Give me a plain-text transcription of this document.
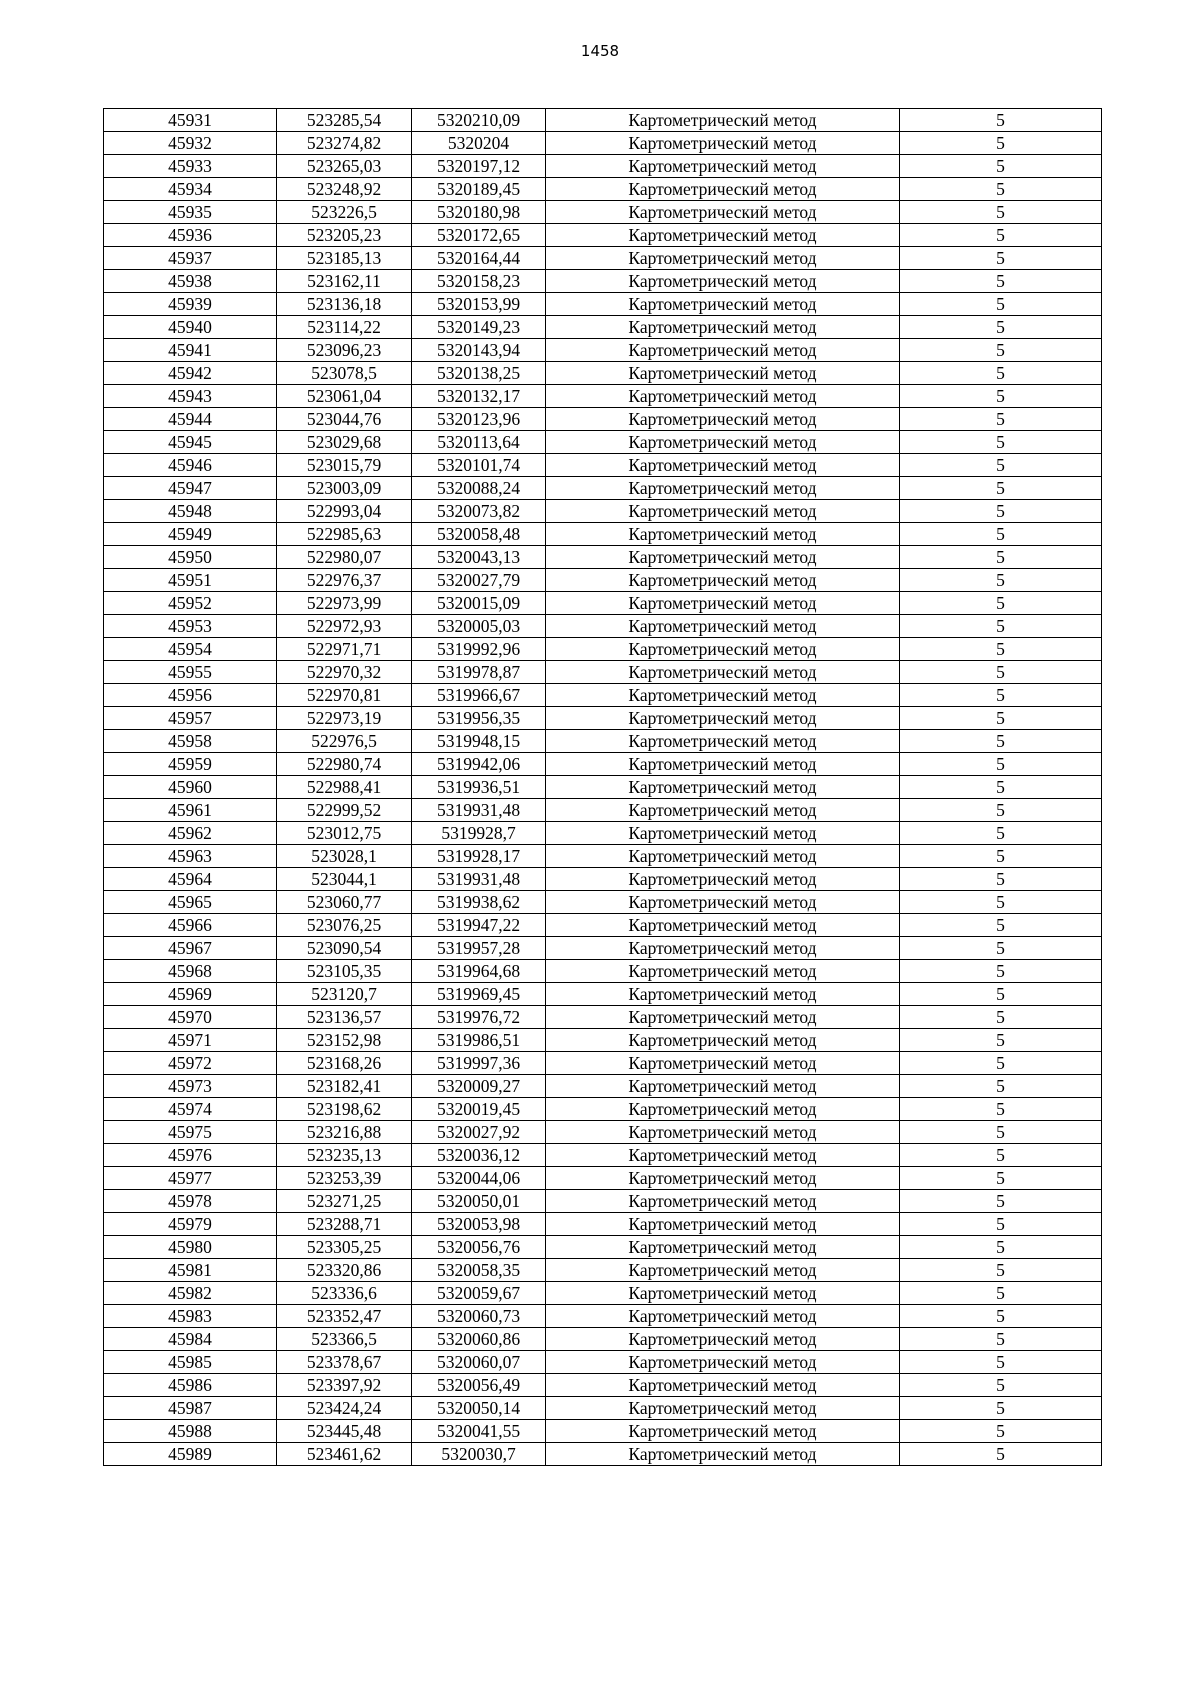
1458
45931	523285,54	5320210,09	Картометрический метод	5
45932	523274,82	5320204	Картометрический метод	5
45933	523265,03	5320197,12	Картометрический метод	5
45934	523248,92	5320189,45	Картометрический метод	5
45935	523226,5	5320180,98	Картометрический метод	5
45936	523205,23	5320172,65	Картометрический метод	5
45937	523185,13	5320164,44	Картометрический метод	5
45938	523162,11	5320158,23	Картометрический метод	5
45939	523136,18	5320153,99	Картометрический метод	5
45940	523114,22	5320149,23	Картометрический метод	5
45941	523096,23	5320143,94	Картометрический метод	5
45942	523078,5	5320138,25	Картометрический метод	5
45943	523061,04	5320132,17	Картометрический метод	5
45944	523044,76	5320123,96	Картометрический метод	5
45945	523029,68	5320113,64	Картометрический метод	5
45946	523015,79	5320101,74	Картометрический метод	5
45947	523003,09	5320088,24	Картометрический метод	5
45948	522993,04	5320073,82	Картометрический метод	5
45949	522985,63	5320058,48	Картометрический метод	5
45950	522980,07	5320043,13	Картометрический метод	5
45951	522976,37	5320027,79	Картометрический метод	5
45952	522973,99	5320015,09	Картометрический метод	5
45953	522972,93	5320005,03	Картометрический метод	5
45954	522971,71	5319992,96	Картометрический метод	5
45955	522970,32	5319978,87	Картометрический метод	5
45956	522970,81	5319966,67	Картометрический метод	5
45957	522973,19	5319956,35	Картометрический метод	5
45958	522976,5	5319948,15	Картометрический метод	5
45959	522980,74	5319942,06	Картометрический метод	5
45960	522988,41	5319936,51	Картометрический метод	5
45961	522999,52	5319931,48	Картометрический метод	5
45962	523012,75	5319928,7	Картометрический метод	5
45963	523028,1	5319928,17	Картометрический метод	5
45964	523044,1	5319931,48	Картометрический метод	5
45965	523060,77	5319938,62	Картометрический метод	5
45966	523076,25	5319947,22	Картометрический метод	5
45967	523090,54	5319957,28	Картометрический метод	5
45968	523105,35	5319964,68	Картометрический метод	5
45969	523120,7	5319969,45	Картометрический метод	5
45970	523136,57	5319976,72	Картометрический метод	5
45971	523152,98	5319986,51	Картометрический метод	5
45972	523168,26	5319997,36	Картометрический метод	5
45973	523182,41	5320009,27	Картометрический метод	5
45974	523198,62	5320019,45	Картометрический метод	5
45975	523216,88	5320027,92	Картометрический метод	5
45976	523235,13	5320036,12	Картометрический метод	5
45977	523253,39	5320044,06	Картометрический метод	5
45978	523271,25	5320050,01	Картометрический метод	5
45979	523288,71	5320053,98	Картометрический метод	5
45980	523305,25	5320056,76	Картометрический метод	5
45981	523320,86	5320058,35	Картометрический метод	5
45982	523336,6	5320059,67	Картометрический метод	5
45983	523352,47	5320060,73	Картометрический метод	5
45984	523366,5	5320060,86	Картометрический метод	5
45985	523378,67	5320060,07	Картометрический метод	5
45986	523397,92	5320056,49	Картометрический метод	5
45987	523424,24	5320050,14	Картометрический метод	5
45988	523445,48	5320041,55	Картометрический метод	5
45989	523461,62	5320030,7	Картометрический метод	5
